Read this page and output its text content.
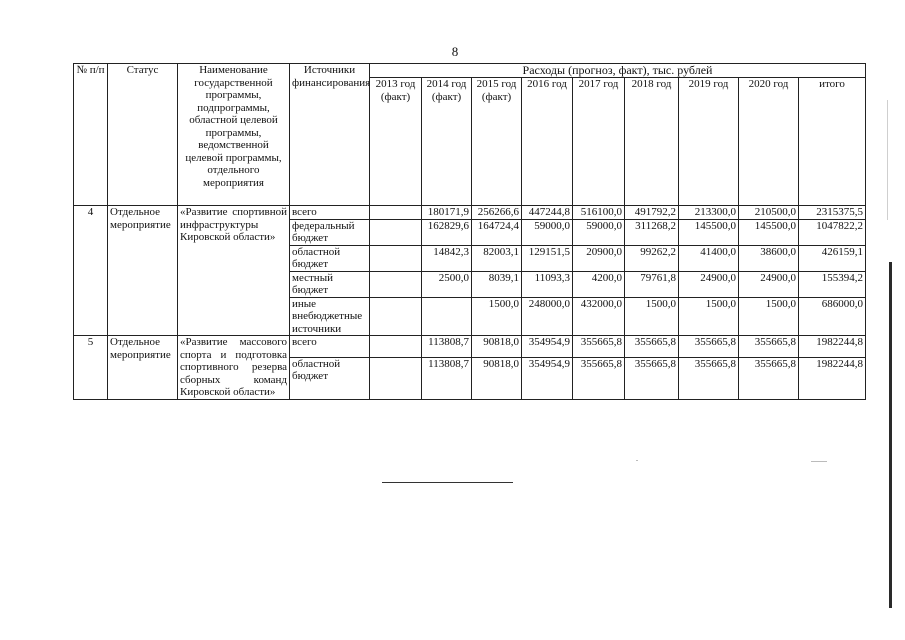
8
№ п/п	Статус	Наименование государственной программы, подпрограммы, областной целевой программы, ведомственной целевой программы, отдельного мероприятия	Источники финансирования	Расходы (прогноз, факт), тыс. рублей								
				2013 год (факт)	2014 год (факт)	2015 год (факт)	2016 год	2017 год	2018 год	2019 год	2020 год	итого
4	Отдельное мероприятие	«Развитие спортивной инфраструктуры Кировской области»	всего		180171,9	256266,6	447244,8	516100,0	491792,2	213300,0	210500,0	2315375,5
			федеральный бюджет		162829,6	164724,4	59000,0	59000,0	311268,2	145500,0	145500,0	1047822,2
			областной бюджет		14842,3	82003,1	129151,5	20900,0	99262,2	41400,0	38600,0	426159,1
			местный бюджет		2500,0	8039,1	11093,3	4200,0	79761,8	24900,0	24900,0	155394,2
			иные внебюджетные источники			1500,0	248000,0	432000,0	1500,0	1500,0	1500,0	686000,0
5	Отдельное мероприятие	«Развитие массового спорта и подготовка спортивного резерва сборных команд Кировской области»	всего		113808,7	90818,0	354954,9	355665,8	355665,8	355665,8	355665,8	1982244,8
			областной бюджет		113808,7	90818,0	354954,9	355665,8	355665,8	355665,8	355665,8	1982244,8
